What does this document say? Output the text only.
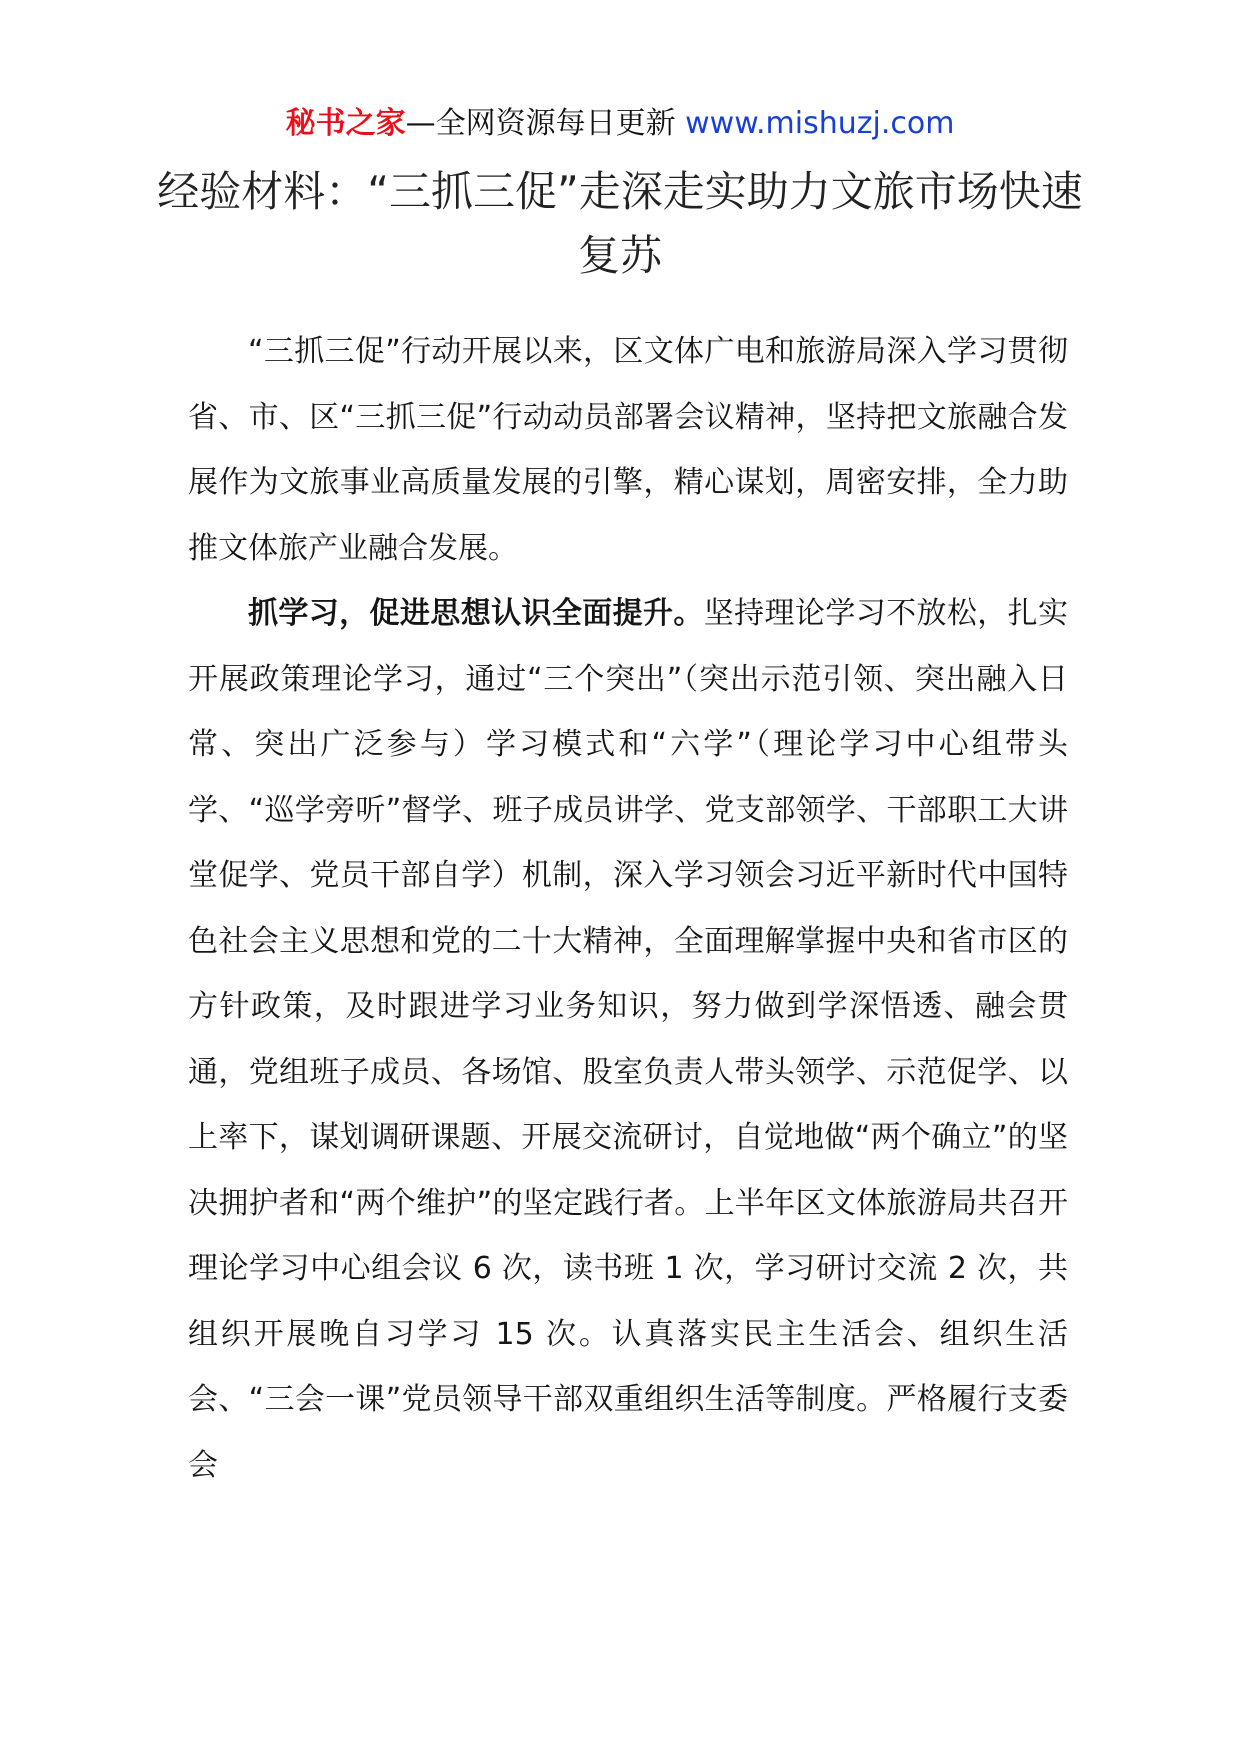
秘书之家—全网资源每日更新 www.mishuzj.com
经验材料：“三抓三促”走深走实助力文旅市场快速复苏

“三抓三促”行动开展以来，区文体广电和旅游局深入学习贯彻省、市、区“三抓三促”行动动员部署会议精神，坚持把文旅融合发展作为文旅事业高质量发展的引擎，精心谋划，周密安排，全力助推文体旅产业融合发展。

抓学习，促进思想认识全面提升。坚持理论学习不放松，扎实开展政策理论学习，通过“三个突出”（突出示范引领、突出融入日常、突出广泛参与）学习模式和“六学”（理论学习中心组带头学、“巡学旁听”督学、班子成员讲学、党支部领学、干部职工大讲堂促学、党员干部自学）机制，深入学习领会习近平新时代中国特色社会主义思想和党的二十大精神，全面理解掌握中央和省市区的方针政策，及时跟进学习业务知识，努力做到学深悟透、融会贯通，党组班子成员、各场馆、股室负责人带头领学、示范促学、以上率下，谋划调研课题、开展交流研讨，自觉地做“两个确立”的坚决拥护者和“两个维护”的坚定践行者。上半年区文体旅游局共召开理论学习中心组会议 6 次，读书班 1 次，学习研讨交流 2 次，共组织开展晚自习学习 15 次。认真落实民主生活会、组织生活会、“三会一课”党员领导干部双重组织生活等制度。严格履行支委会
